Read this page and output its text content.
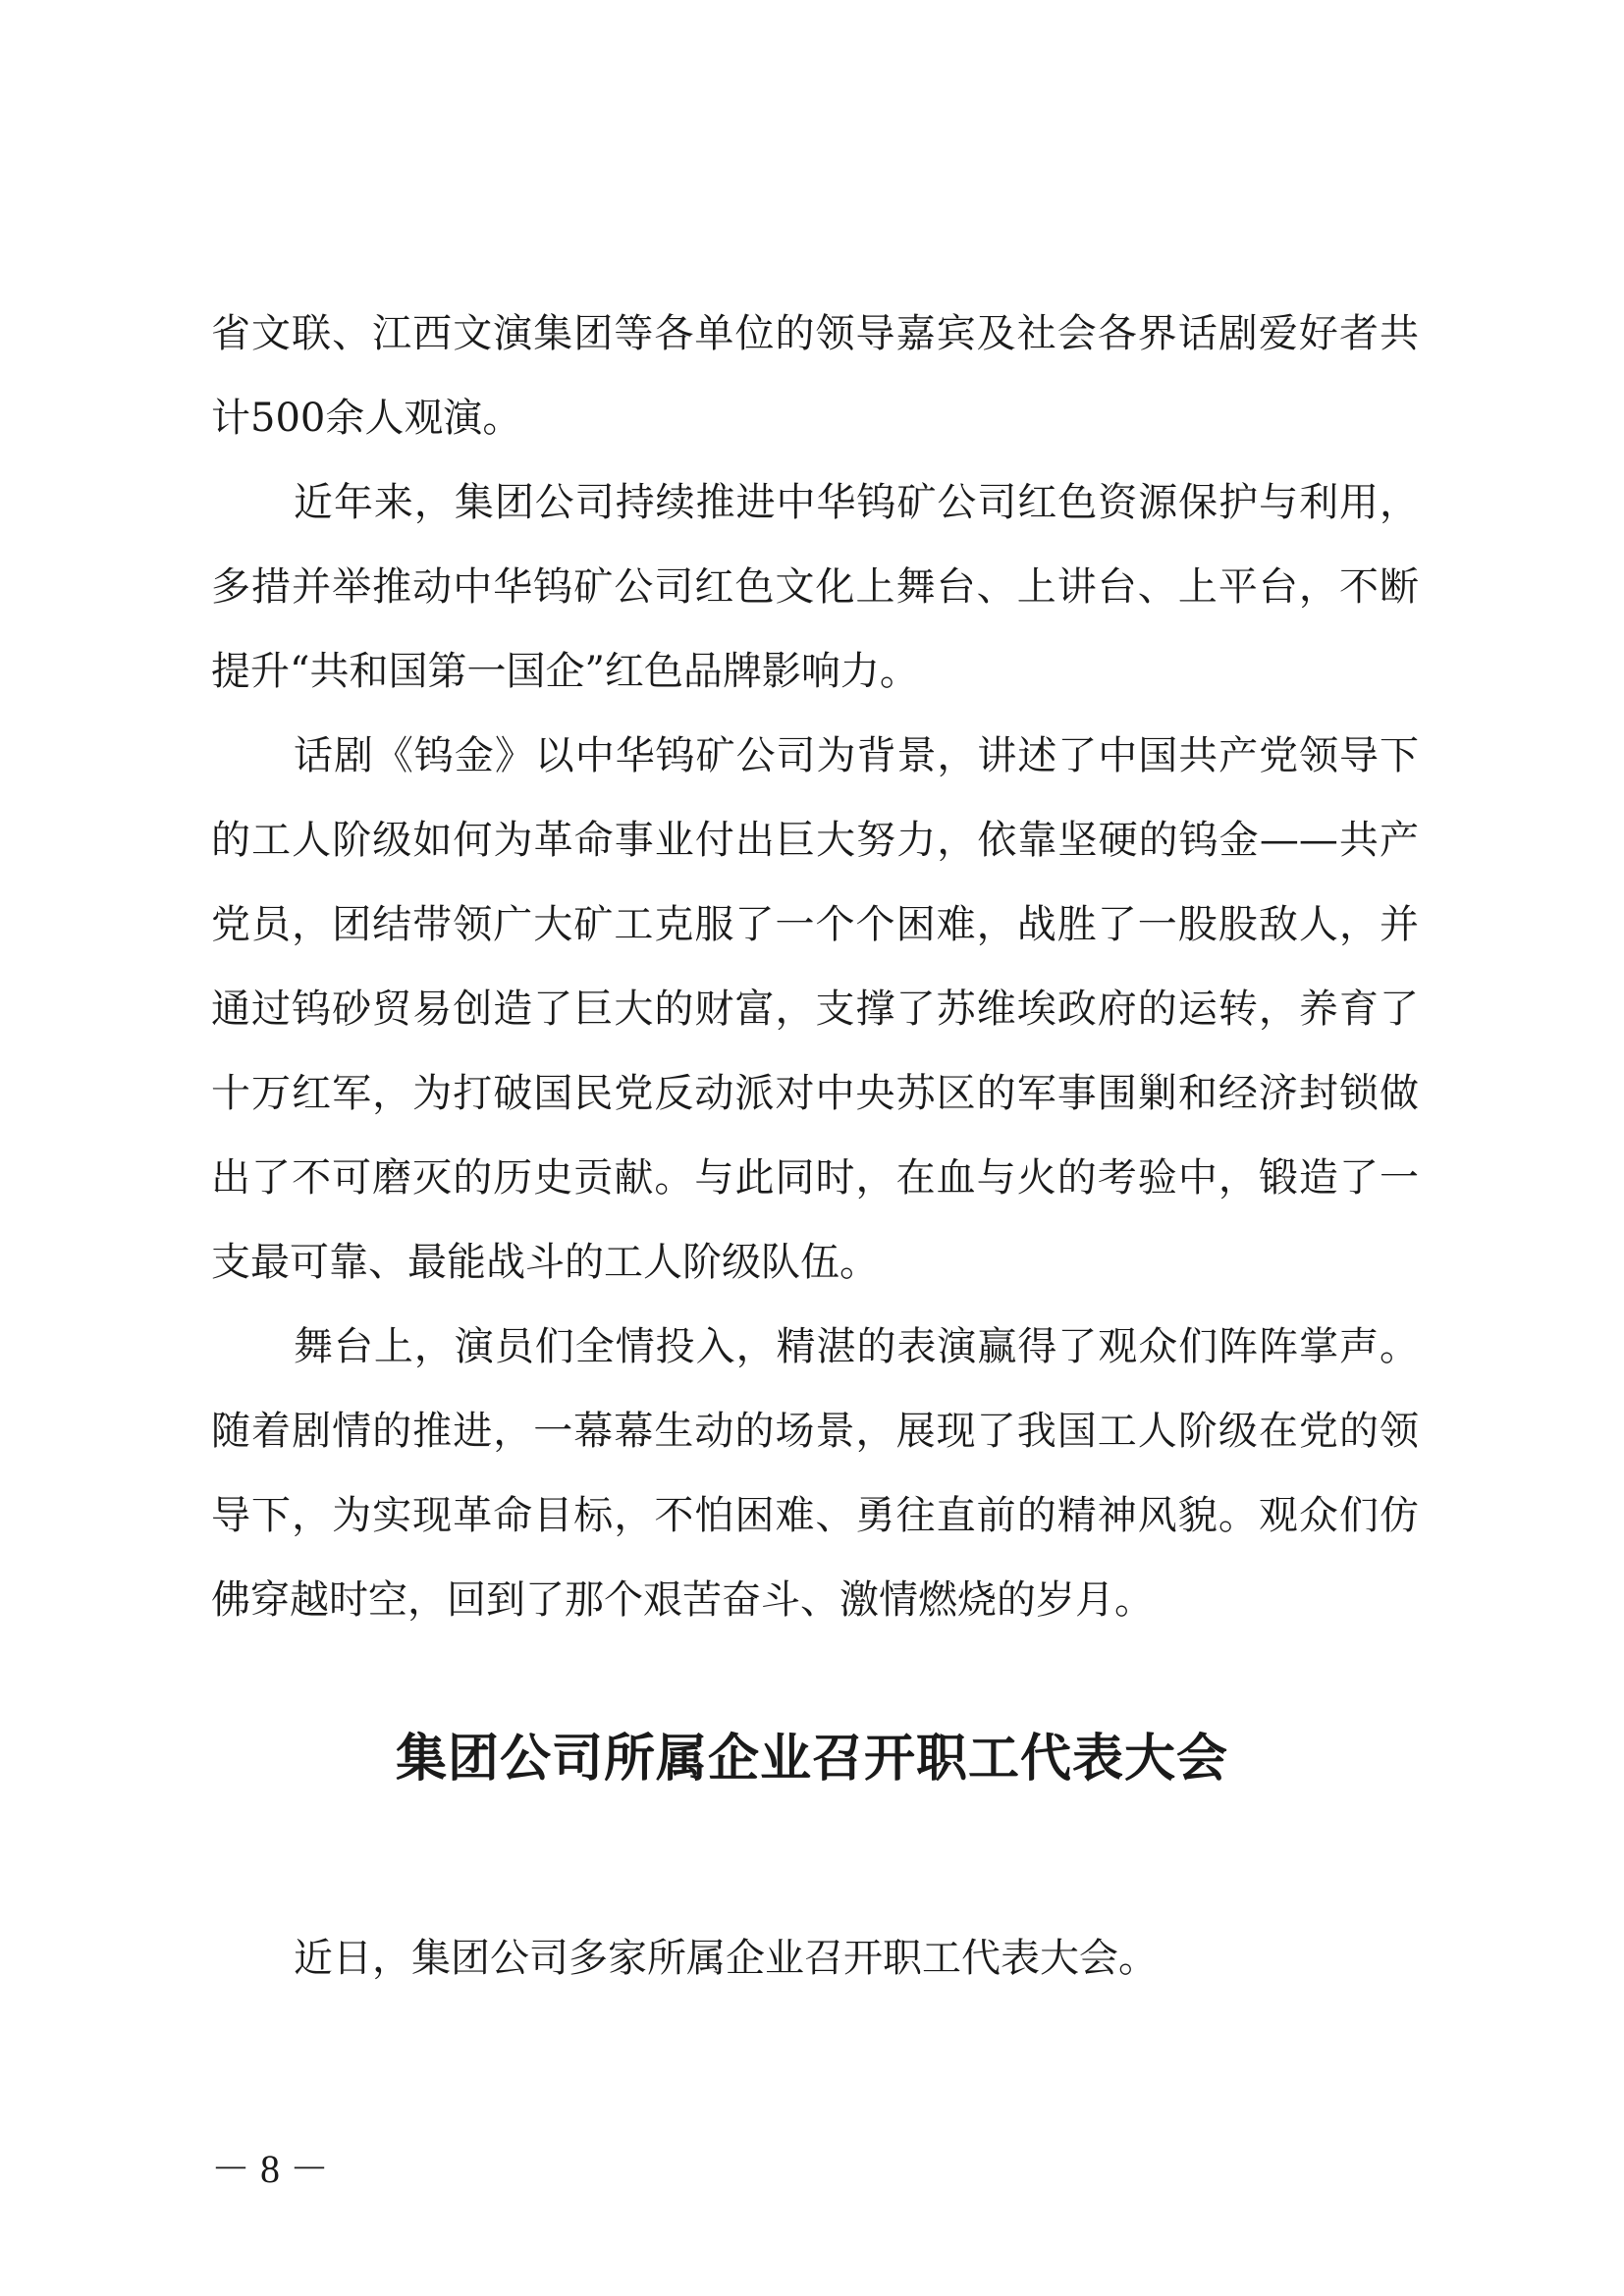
省文联、江西文演集团等各单位的领导嘉宾及社会各界话剧爱好者共计500余人观演。

近年来，集团公司持续推进中华钨矿公司红色资源保护与利用，多措并举推动中华钨矿公司红色文化上舞台、上讲台、上平台，不断提升“共和国第一国企”红色品牌影响力。

话剧《钨金》以中华钨矿公司为背景，讲述了中国共产党领导下的工人阶级如何为革命事业付出巨大努力，依靠坚硬的钨金——共产党员，团结带领广大矿工克服了一个个困难，战胜了一股股敌人，并通过钨砂贸易创造了巨大的财富，支撑了苏维埃政府的运转，养育了十万红军，为打破国民党反动派对中央苏区的军事围剿和经济封锁做出了不可磨灭的历史贡献。与此同时，在血与火的考验中，锻造了一支最可靠、最能战斗的工人阶级队伍。

舞台上，演员们全情投入，精湛的表演赢得了观众们阵阵掌声。随着剧情的推进，一幕幕生动的场景，展现了我国工人阶级在党的领导下，为实现革命目标，不怕困难、勇往直前的精神风貌。观众们仿佛穿越时空，回到了那个艰苦奋斗、激情燃烧的岁月。

集团公司所属企业召开职工代表大会

近日，集团公司多家所属企业召开职工代表大会。

－ 8 －
